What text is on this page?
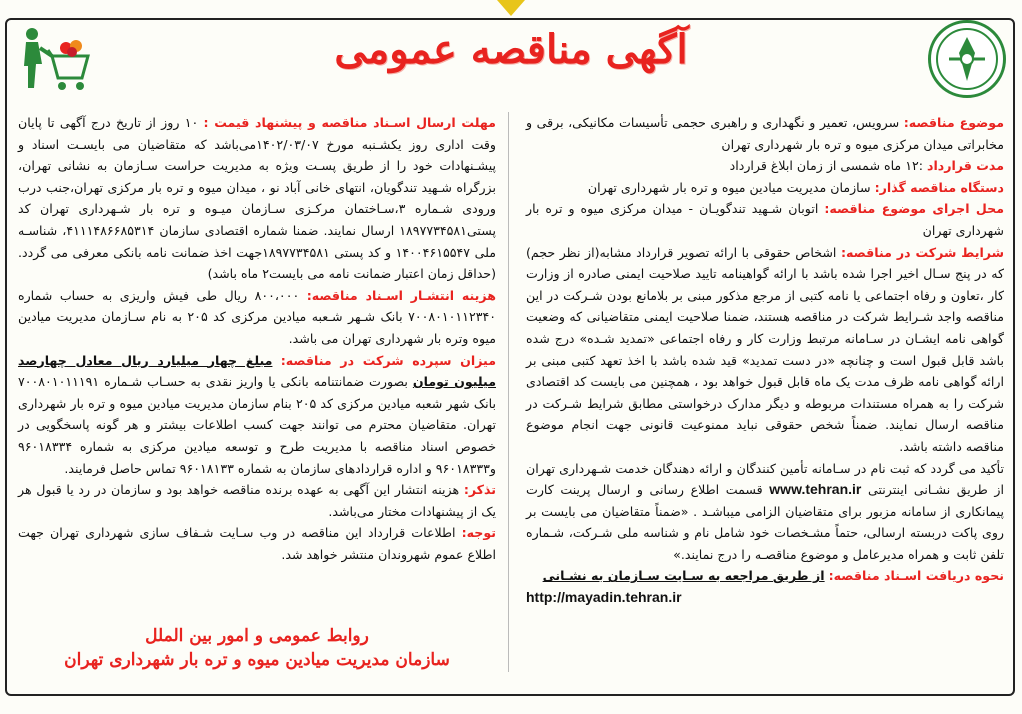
آگهی مناقصه عمومی

موضوع مناقصه: سرویس، تعمیر و نگهداری و راهبری حجمی تأسیسات مکانیکی، برقی و مخابراتی میدان مرکزی میوه و تره بار شهرداری تهران

مدت قرارداد :۱۲ ماه شمسی از زمان ابلاغ قرارداد

دستگاه مناقصه گذار: سازمان مدیریت میادین میوه و تره بار شهرداری تهران

محل اجرای موضوع مناقصه: اتوبان شـهید تندگویـان - میدان مرکزی میوه و تره بار شهرداری تهران

شرایط شرکت در مناقصه: اشخاص حقوقی با ارائه تصویر قرارداد مشابه(از نظر حجم) که در پنج سـال اخیر اجرا شده باشد با ارائه گواهینامه تایید صلاحیت ایمنی صادره از وزارت کار ،تعاون و رفاه اجتماعی یا نامه کتبی از مرجع مذکور مبنی بر بلامانع بودن شـرکت در این مناقصه واجد شـرایط شرکت در مناقصه هستند، ضمنا صلاحیت ایمنی متقاضیانی که وضعیت گواهی نامه ایشـان در سـامانه مرتبط وزارت کار و رفاه اجتماعی «تمدید شـده» درج شده باشد قابل قبول است و چنانچه «در دست تمدید» قید شده باشد با اخذ تعهد کتبی مبنی بر ارائه گواهی نامه ظرف مدت یک ماه قابل قبول خواهد بود ، همچنین می بایست کد اقتصادی شرکت را به همراه مستندات مربوطه و دیگر مدارک درخواستی مطابق شرایط شـرکت در مناقصه ارسال نمایند. ضمناً شخص حقوقی نباید ممنوعیت قانونی جهت انجام موضوع مناقصه داشته باشد.

تأکید می گردد که ثبت نام در سـامانه تأمین کنندگان و ارائه دهندگان خدمت شـهرداری تهران از طریق نشـانی اینترنتی www.tehran.ir قسمت اطلاع رسانی و ارسال پرینت کارت پیمانکاری از سامانه مزبور برای متقاضیان الزامی میباشـد . «ضمناً متقاضیان می بایست بر روی پاکت دربسته ارسالی، حتماً مشـخصات خود شامل نام و شناسه ملی شـرکت، شـماره تلفن ثابت و همراه مدیرعامل و موضوع مناقصـه را درج نمایند.»

نحوه دریافت اسـناد مناقصه: از طریق مراجعه به سـایت سـازمان به نشـانی

http://mayadin.tehran.ir

مهلت ارسال اسـناد مناقصه و پیشنهاد قیمت : ۱۰ روز از تاریخ درج آگهی تا پایان وقت اداری روز یکشـنبه مورخ ۱۴۰۲/۰۳/۰۷می‌باشد که متقاضیان می بایسـت اسناد و پیشـنهادات خود را از طریق پسـت ویژه به مدیریت حراست سـازمان به نشانی تهران، بزرگراه شـهید تندگویان، انتهای خانی آباد نو ، میدان میوه و تره بار مرکزی تهران،جنب درب ورودی شـماره ۳،سـاختمان مرکـزی سـازمان میـوه و تره بار شـهرداری تهران کد پستی۱۸۹۷۷۳۴۵۸۱ ارسال نمایند. ضمنا شماره اقتصادی سازمان ۴۱۱۱۴۸۶۶۸۵۳۱۴، شناسـه ملی ۱۴۰۰۴۶۱۵۵۴۷ و کد پستی ۱۸۹۷۷۳۴۵۸۱جهت اخذ ضمانت نامه بانکی معرفی می گردد.(حداقل زمان اعتبار ضمانت نامه می بایست۲ ماه باشد)

هزینه انتشـار اسـناد مناقصه: ۸۰۰،۰۰۰ ریال طی فیش واریزی به حساب شماره ۷۰۰۸۰۱۰۱۱۲۳۴۰ بانک شـهر شـعبه میادین مرکزی کد ۲۰۵ به نام سـازمان مدیریت میادین میوه وتره بار شهرداری تهران می باشد.

میزان سپرده شرکت در مناقصه: مبلغ چهار میلیارد ریال معادل چهارصد میلیون تومان بصورت ضمانتنامه بانکی یا واریز نقدی به حسـاب شـماره ۷۰۰۸۰۱۰۱۱۱۹۱ بانک شهر شعبه میادین مرکزی کد ۲۰۵ بنام سازمان مدیریت میادین میوه و تره بار شهرداری تهران. متقاضیان محترم می توانند جهت کسب اطلاعات بیشتر و هر گونه پاسخگویی در خصوص اسناد مناقصه با مدیریت طرح و توسعه میادین مرکزی به شماره ۹۶۰۱۸۳۳۴ و۹۶۰۱۸۳۳۳ و اداره قراردادهای سازمان به شماره ۹۶۰۱۸۱۳۳ تماس حاصل فرمایند.

تذکر: هزینه انتشار این آگهی به عهده برنده مناقصه خواهد بود و سازمان در رد یا قبول هر یک از پیشنهادات مختار می‌باشد.

توجه: اطلاعات قرارداد این مناقصه در وب سـایت شـفاف سازی شهرداری تهران جهت اطلاع عموم شهروندان منتشر خواهد شد.

روابط عمومی و امور بین الملل
سازمان مدیریت میادین میوه و تره بار شهرداری تهران
